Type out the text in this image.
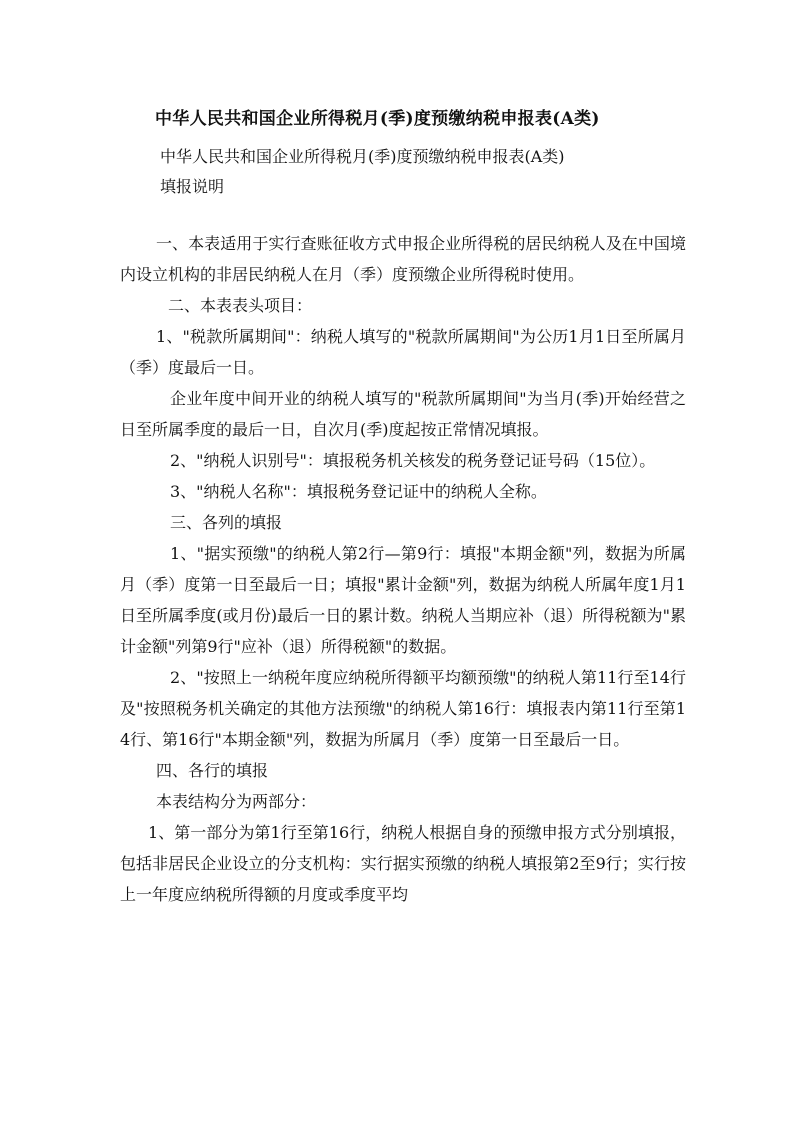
中华人民共和国企业所得税月(季)度预缴纳税申报表(A类)
中华人民共和国企业所得税月(季)度预缴纳税申报表(A类)
填报说明

一、本表适用于实行查账征收方式申报企业所得税的居民纳税人及在中国境内设立机构的非居民纳税人在月（季）度预缴企业所得税时使用。

二、本表表头项目：

1、"税款所属期间"：纳税人填写的"税款所属期间"为公历1月1日至所属月（季）度最后一日。

企业年度中间开业的纳税人填写的"税款所属期间"为当月(季)开始经营之日至所属季度的最后一日，自次月(季)度起按正常情况填报。

2、"纳税人识别号"：填报税务机关核发的税务登记证号码（15位）。

3、"纳税人名称"：填报税务登记证中的纳税人全称。

三、各列的填报

1、"据实预缴"的纳税人第2行—第9行：填报"本期金额"列，数据为所属月（季）度第一日至最后一日；填报"累计金额"列，数据为纳税人所属年度1月1日至所属季度(或月份)最后一日的累计数。纳税人当期应补（退）所得税额为"累计金额"列第9行"应补（退）所得税额"的数据。

2、"按照上一纳税年度应纳税所得额平均额预缴"的纳税人第11行至14行及"按照税务机关确定的其他方法预缴"的纳税人第16行：填报表内第11行至第14行、第16行"本期金额"列，数据为所属月（季）度第一日至最后一日。

四、各行的填报

本表结构分为两部分：

1、第一部分为第1行至第16行，纳税人根据自身的预缴申报方式分别填报，包括非居民企业设立的分支机构：实行据实预缴的纳税人填报第2至9行；实行按上一年度应纳税所得额的月度或季度平均
